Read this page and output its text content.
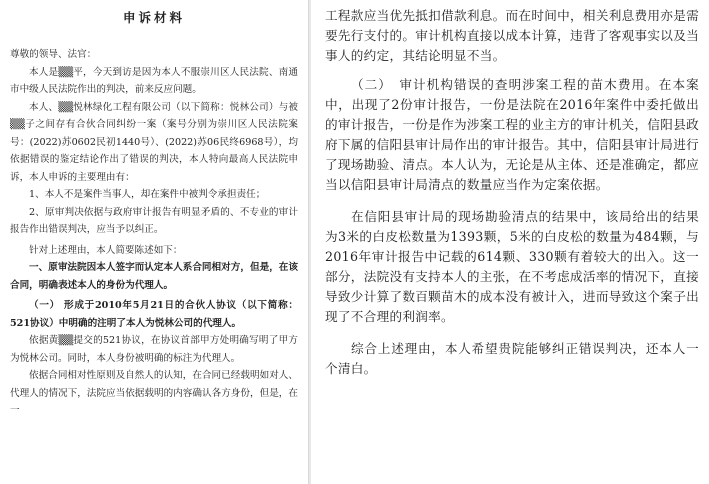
申诉材料

尊敬的领导、法官：

本人是▒▒平，今天到访是因为本人不服崇川区人民法院、南通市中级人民法院作出的判决，前来反应问题。

本人、▒▒悦林绿化工程有限公司（以下简称：悦林公司）与被▒▒子之间存有合伙合同纠纷一案（案号分别为崇川区人民法院案号：(2022)苏0602民初1440号）、(2022)苏06民终6968号），均依据错误的鉴定结论作出了错误的判决，本人特向最高人民法院申诉，本人申诉的主要理由有：

1、本人不是案件当事人，却在案件中被判令承担责任；

2、原审判决依据与政府审计报告有明显矛盾的、不专业的审计报告作出错误判决，应当予以纠正。

针对上述理由，本人简要陈述如下：

一、原审法院因本人签字而认定本人系合同相对方，但是，在该合同，明确表述本人的身份为代理人。

（一） 形成于2010年5月21日的合伙人协议（以下简称：521协议）中明确的注明了本人为悦林公司的代理人。

依据黄▒▒提交的521协议，在协议首部甲方处明确写明了甲方为悦林公司。同时，本人身份被明确的标注为代理人。

依据合同相对性原则及自然人的认知，在合同已经载明如对人、代理人的情况下，法院应当依据载明的内容确认各方身份，但是，在一

工程款应当优先抵扣借款利息。而在时间中，相关利息费用亦是需要先行支付的。审计机构直接以成本计算，违背了客观事实以及当事人的约定，其结论明显不当。

（二）　审计机构错误的查明涉案工程的苗木费用。在本案中，出现了2份审计报告，一份是法院在2016年案件中委托做出的审计报告，一份是作为涉案工程的业主方的审计机关，信阳县政府下属的信阳县审计局作出的审计报告。其中，信阳县审计局进行了现场勘验、清点。本人认为，无论是从主体、还是准确定，都应当以信阳县审计局清点的数量应当作为定案依据。

在信阳县审计局的现场勘验清点的结果中，该局给出的结果为3米的白皮松数量为1393颗，5米的白皮松的数量为484颗，与2016年审计报告中记载的614颗、330颗有着较大的出入。这一部分，法院没有支持本人的主张，在不考虑成活率的情况下，直接导致少计算了数百颗苗木的成本没有被计入，进而导致这个案子出现了不合理的利润率。

综合上述理由，本人希望贵院能够纠正错误判决，还本人一个清白。
